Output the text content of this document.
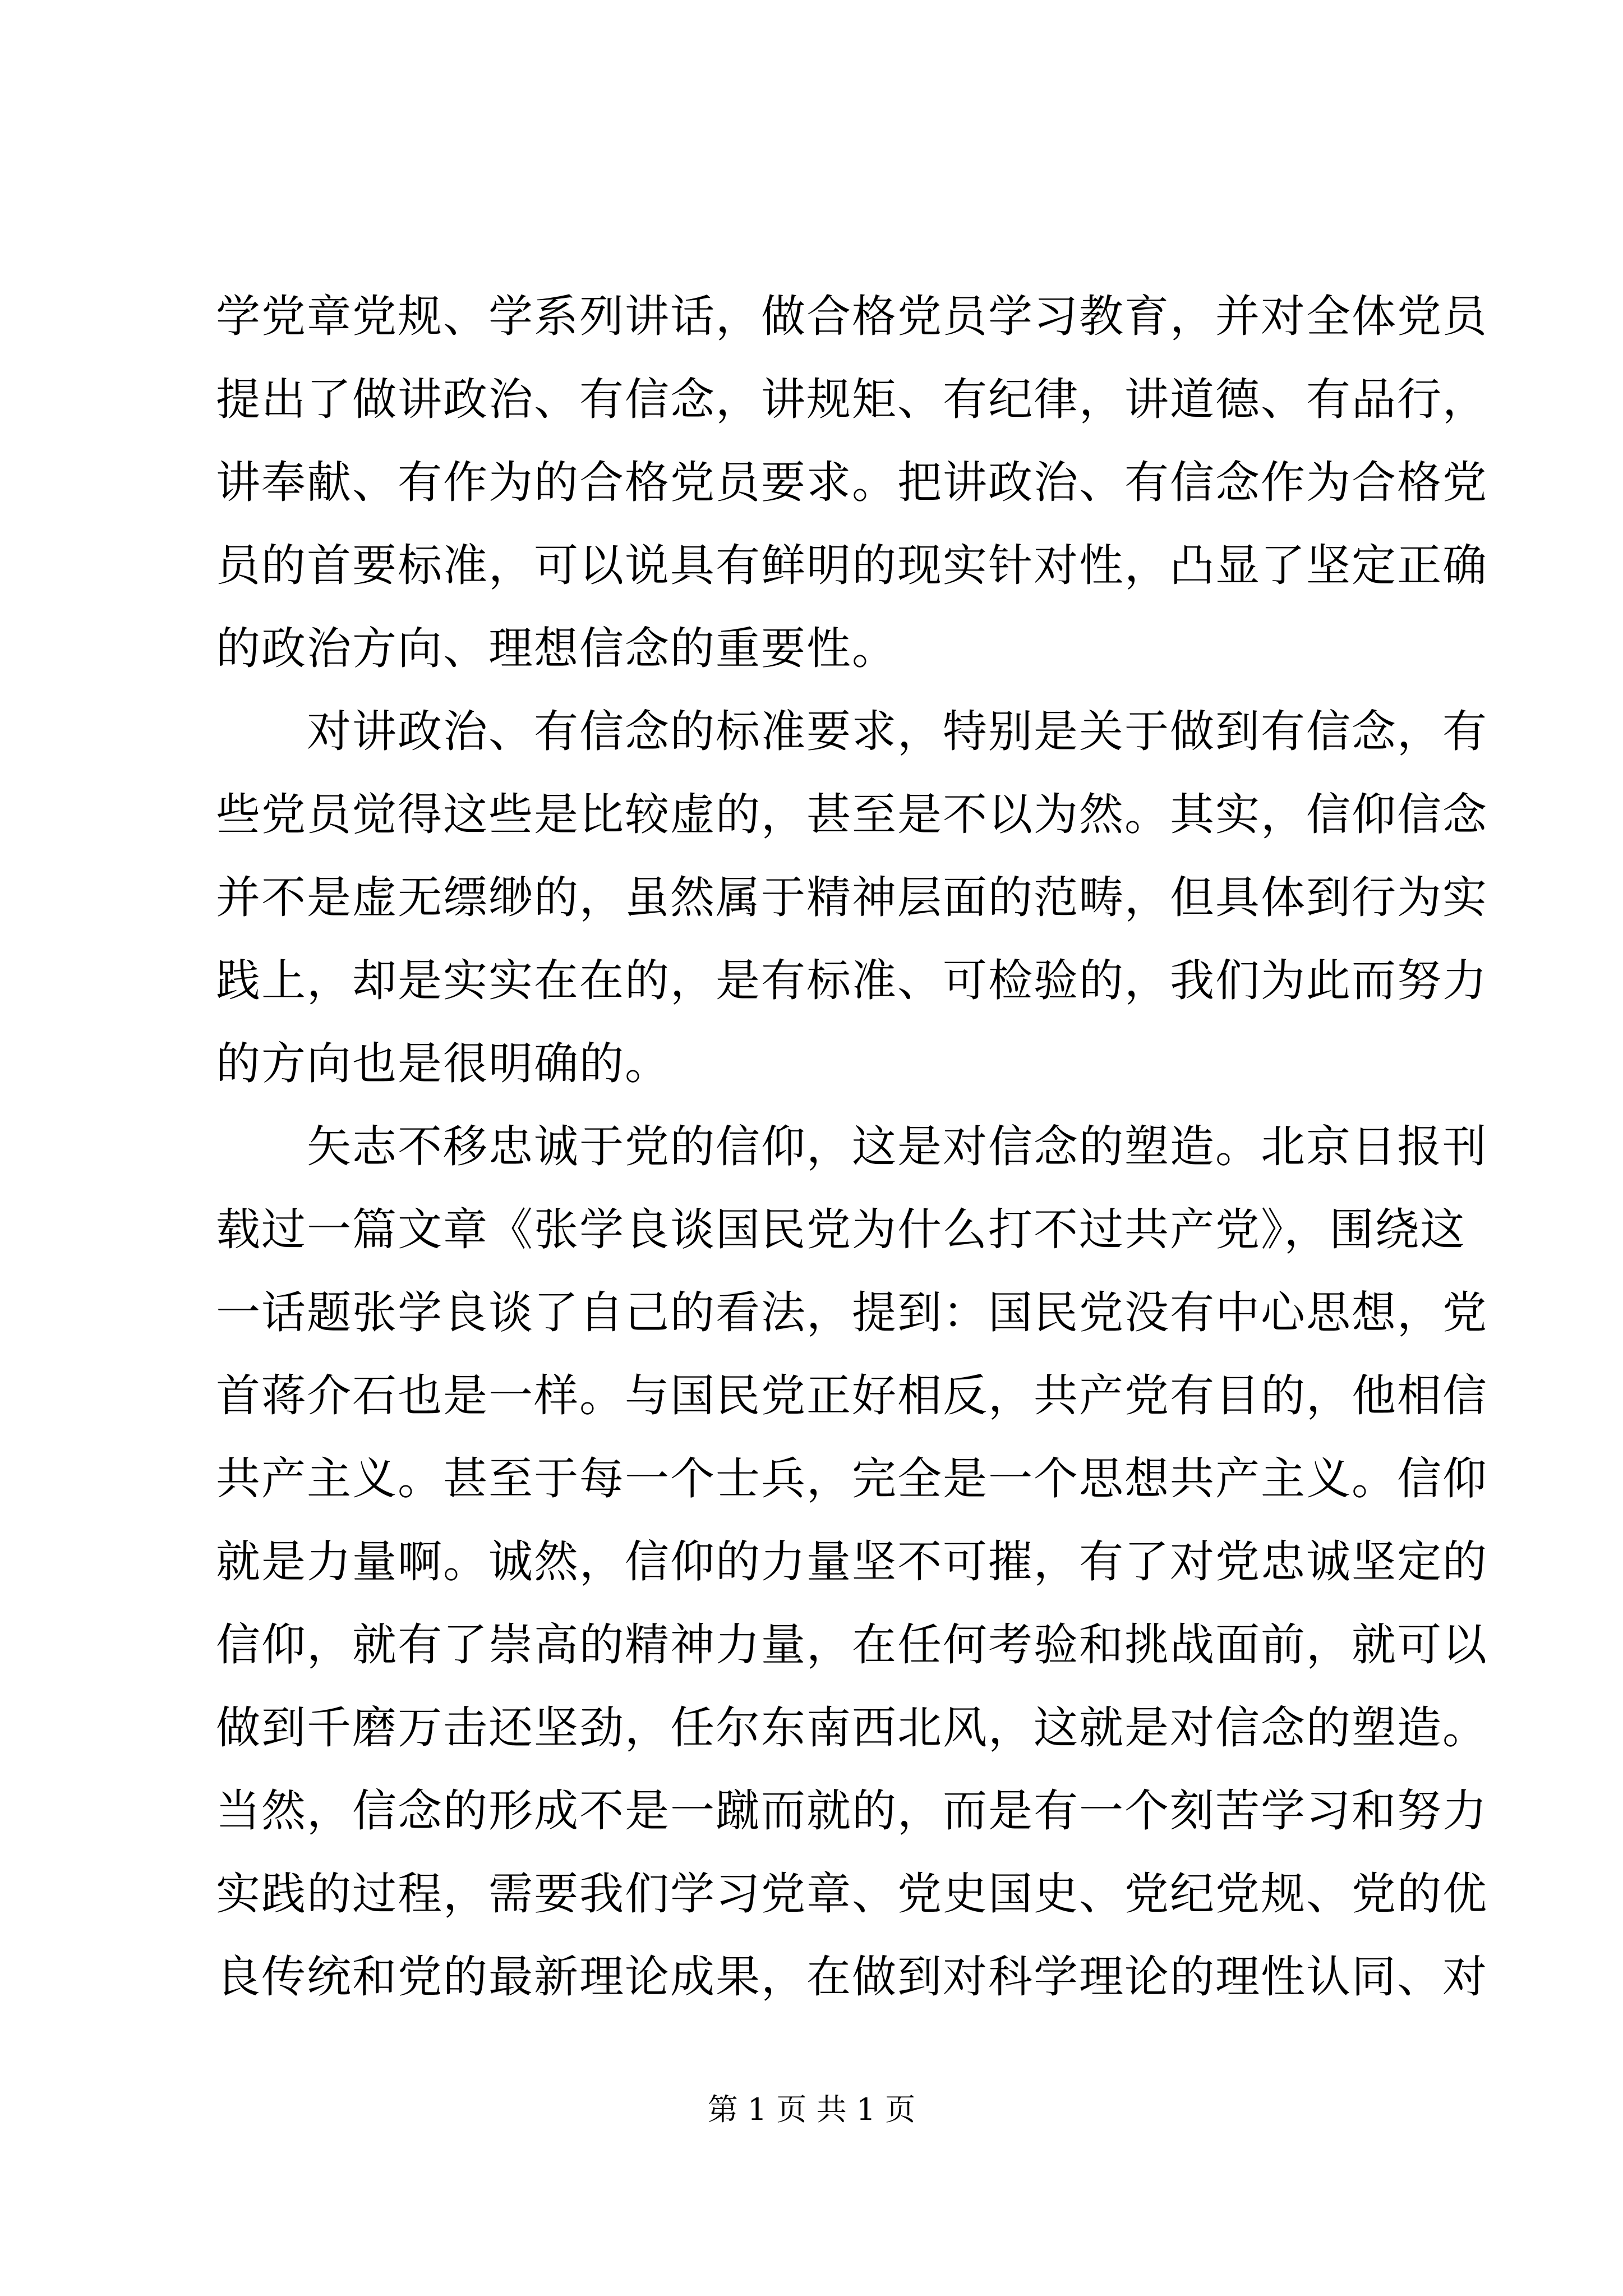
学党章党规、学系列讲话，做合格党员学习教育，并对全体党员
提出了做讲政治、有信念，讲规矩、有纪律，讲道德、有品行，
讲奉献、有作为的合格党员要求。把讲政治、有信念作为合格党
员的首要标准，可以说具有鲜明的现实针对性，凸显了坚定正确
的政治方向、理想信念的重要性。
　　对讲政治、有信念的标准要求，特别是关于做到有信念，有
些党员觉得这些是比较虚的，甚至是不以为然。其实，信仰信念
并不是虚无缥缈的，虽然属于精神层面的范畴，但具体到行为实
践上，却是实实在在的，是有标准、可检验的，我们为此而努力
的方向也是很明确的。
　　矢志不移忠诚于党的信仰，这是对信念的塑造。北京日报刊
载过一篇文章《张学良谈国民党为什么打不过共产党》，围绕这
一话题张学良谈了自己的看法，提到：国民党没有中心思想，党
首蒋介石也是一样。与国民党正好相反，共产党有目的，他相信
共产主义。甚至于每一个士兵，完全是一个思想共产主义。信仰
就是力量啊。诚然，信仰的力量坚不可摧，有了对党忠诚坚定的
信仰，就有了崇高的精神力量，在任何考验和挑战面前，就可以
做到千磨万击还坚劲，任尔东南西北风，这就是对信念的塑造。
当然，信念的形成不是一蹴而就的，而是有一个刻苦学习和努力
实践的过程，需要我们学习党章、党史国史、党纪党规、党的优
良传统和党的最新理论成果，在做到对科学理论的理性认同、对
第 1 页 共 1 页
